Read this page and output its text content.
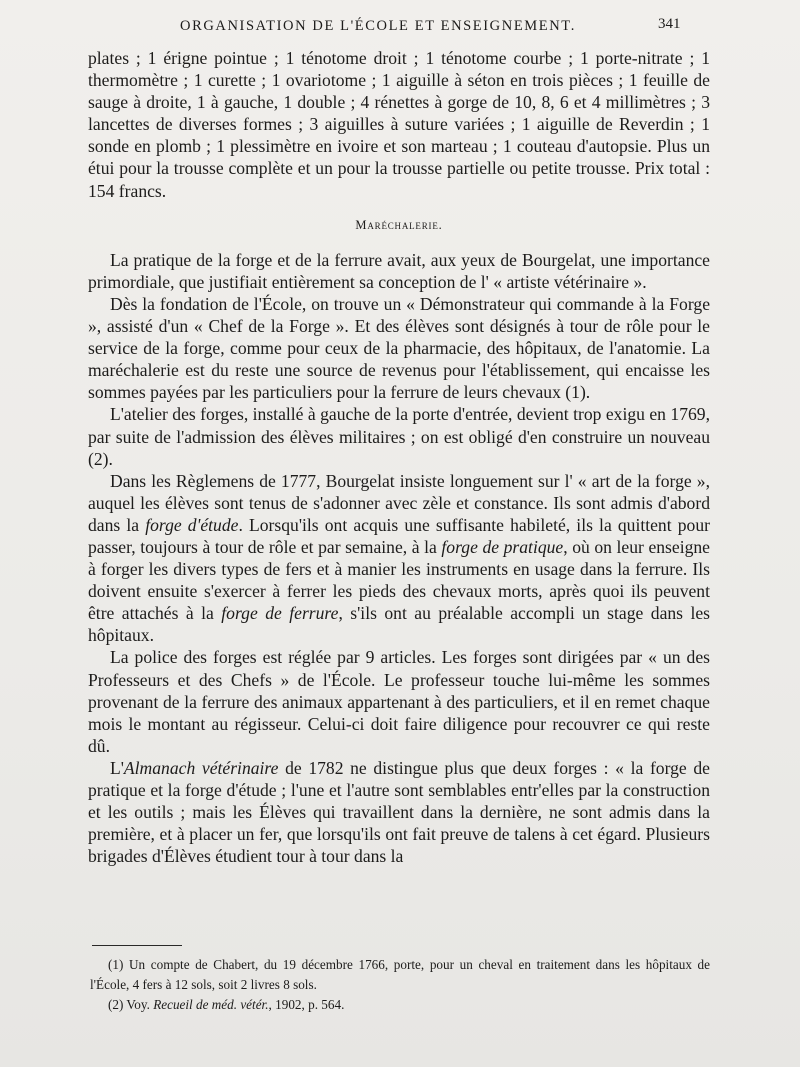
ORGANISATION DE L'ÉCOLE ET ENSEIGNEMENT.	341

plates ; 1 érigne pointue ; 1 ténotome droit ; 1 ténotome courbe ; 1 porte-nitrate ; 1 thermomètre ; 1 curette ; 1 ovariotome ; 1 aiguille à séton en trois pièces ; 1 feuille de sauge à droite, 1 à gauche, 1 double ; 4 rénettes à gorge de 10, 8, 6 et 4 millimètres ; 3 lancettes de diverses formes ; 3 aiguilles à suture variées ; 1 aiguille de Reverdin ; 1 sonde en plomb ; 1 plessimètre en ivoire et son marteau ; 1 couteau d'autopsie. Plus un étui pour la trousse complète et un pour la trousse partielle ou petite trousse. Prix total : 154 francs.

Maréchalerie.

La pratique de la forge et de la ferrure avait, aux yeux de Bourgelat, une importance primordiale, que justifiait entièrement sa conception de l' « artiste vétérinaire ».

Dès la fondation de l'École, on trouve un « Démonstrateur qui commande à la Forge », assisté d'un « Chef de la Forge ». Et des élèves sont désignés à tour de rôle pour le service de la forge, comme pour ceux de la pharmacie, des hôpitaux, de l'anatomie. La maréchalerie est du reste une source de revenus pour l'établissement, qui encaisse les sommes payées par les particuliers pour la ferrure de leurs chevaux (1).

L'atelier des forges, installé à gauche de la porte d'entrée, devient trop exigu en 1769, par suite de l'admission des élèves militaires ; on est obligé d'en construire un nouveau (2).

Dans les Règlemens de 1777, Bourgelat insiste longuement sur l' « art de la forge », auquel les élèves sont tenus de s'adonner avec zèle et constance. Ils sont admis d'abord dans la forge d'étude. Lorsqu'ils ont acquis une suffisante habileté, ils la quittent pour passer, toujours à tour de rôle et par semaine, à la forge de pratique, où on leur enseigne à forger les divers types de fers et à manier les instruments en usage dans la ferrure. Ils doivent ensuite s'exercer à ferrer les pieds des chevaux morts, après quoi ils peuvent être attachés à la forge de ferrure, s'ils ont au préalable accompli un stage dans les hôpitaux.

La police des forges est réglée par 9 articles. Les forges sont dirigées par « un des Professeurs et des Chefs » de l'École. Le professeur touche lui-même les sommes provenant de la ferrure des animaux appartenant à des particuliers, et il en remet chaque mois le montant au régisseur. Celui-ci doit faire diligence pour recouvrer ce qui reste dû.

L'Almanach vétérinaire de 1782 ne distingue plus que deux forges : « la forge de pratique et la forge d'étude ; l'une et l'autre sont semblables entr'elles par la construction et les outils ; mais les Élèves qui travaillent dans la dernière, ne sont admis dans la première, et à placer un fer, que lorsqu'ils ont fait preuve de talens à cet égard. Plusieurs brigades d'Élèves étudient tour à tour dans la

(1) Un compte de Chabert, du 19 décembre 1766, porte, pour un cheval en traitement dans les hôpitaux de l'École, 4 fers à 12 sols, soit 2 livres 8 sols.

(2) Voy. Recueil de méd. vétér., 1902, p. 564.
